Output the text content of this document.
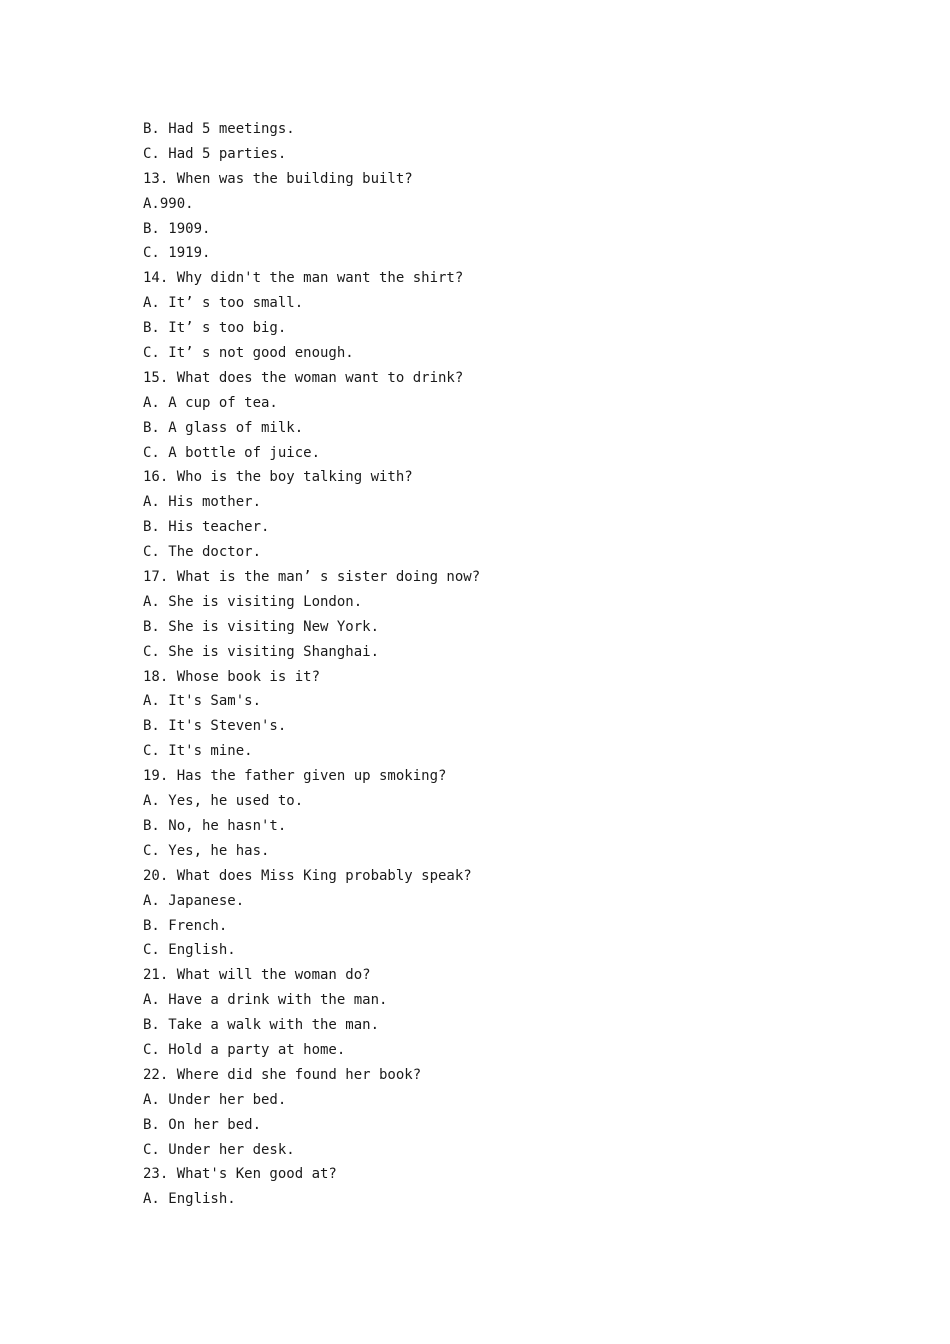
B. Had 5 meetings.
C. Had 5 parties.
13. When was the building built?
A.990.
B. 1909.
C. 1919.
14. Why didn't the man want the shirt?
A. It’ s too small.
B. It’ s too big.
C. It’ s not good enough.
15. What does the woman want to drink?
A. A cup of tea.
B. A glass of milk.
C. A bottle of juice.
16. Who is the boy talking with?
A. His mother.
B. His teacher.
C. The doctor.
17. What is the man’ s sister doing now?
A. She is visiting London.
B. She is visiting New York.
C. She is visiting Shanghai.
18. Whose book is it?
A. It's Sam's.
B. It's Steven's.
C. It's mine.
19. Has the father given up smoking?
A. Yes, he used to.
B. No, he hasn't.
C. Yes, he has.
20. What does Miss King probably speak?
A. Japanese.
B. French.
C. English.
21. What will the woman do?
A. Have a drink with the man.
B. Take a walk with the man.
C. Hold a party at home.
22. Where did she found her book?
A. Under her bed.
B. On her bed.
C. Under her desk.
23. What's Ken good at?
A. English.
